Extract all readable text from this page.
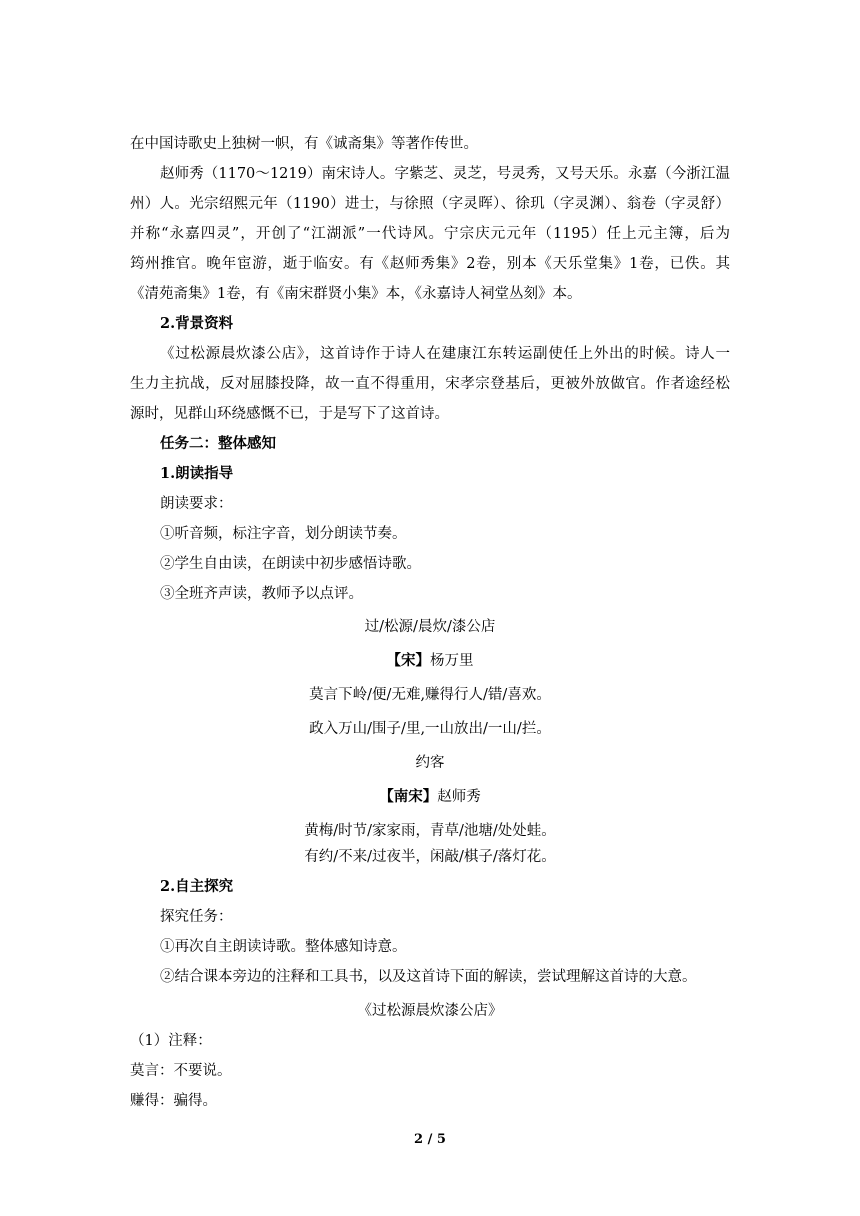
在中国诗歌史上独树一帜，有《诚斋集》等著作传世。
赵师秀（1170～1219）南宋诗人。字紫芝、灵芝，号灵秀，又号天乐。永嘉（今浙江温
州）人。光宗绍熙元年（1190）进士，与徐照（字灵晖）、徐玑（字灵渊）、翁卷（字灵舒）
并称“永嘉四灵”，开创了“江湖派”一代诗风。宁宗庆元元年（1195）任上元主簿，后为
筠州推官。晚年宦游，逝于临安。有《赵师秀集》2卷，别本《天乐堂集》1卷，已佚。其
《清苑斋集》1卷，有《南宋群贤小集》本，《永嘉诗人祠堂丛刻》本。
2.背景资料
《过松源晨炊漆公店》，这首诗作于诗人在建康江东转运副使任上外出的时候。诗人一
生力主抗战，反对屈膝投降，故一直不得重用，宋孝宗登基后，更被外放做官。作者途经松
源时，见群山环绕感慨不已，于是写下了这首诗。
任务二：整体感知
1.朗读指导
朗读要求：
①听音频，标注字音，划分朗读节奏。
②学生自由读，在朗读中初步感悟诗歌。
③全班齐声读，教师予以点评。
过/松源/晨炊/漆公店
【宋】杨万里
莫言下岭/便/无难,赚得行人/错/喜欢。
政入万山/围子/里,一山放出/一山/拦。
约客
【南宋】赵师秀
黄梅/时节/家家雨，青草/池塘/处处蛙。
有约/不来/过夜半，闲敲/棋子/落灯花。
2.自主探究
探究任务：
①再次自主朗读诗歌。整体感知诗意。
②结合课本旁边的注释和工具书，以及这首诗下面的解读，尝试理解这首诗的大意。
《过松源晨炊漆公店》
（1）注释：
莫言：不要说。
赚得：骗得。
2 / 5
